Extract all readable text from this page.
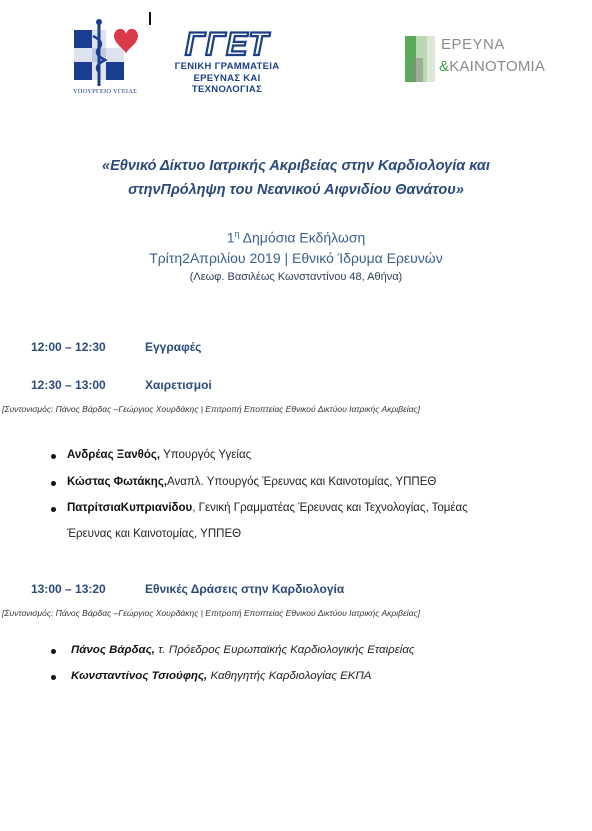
ΥΠΟΥΡΓΕΙΟ ΥΓΕΙΑΣ
ΓΓΕΤ
ΓΕΝΙΚΗ ΓΡΑΜΜΑΤΕΙΑ
ΕΡΕΥΝΑΣ ΚΑΙ ΤΕΧΝΟΛΟΓΙΑΣ
ΕΡΕΥΝΑ
&ΚΑΙΝΟΤΟΜΙΑ
«Εθνικό Δίκτυο Ιατρικής Ακριβείας στην Καρδιολογία και
στηνΠρόληψη του Νεανικού Αιφνιδίου Θανάτου»
$1^\eta$ Δημόσια Εκδήλωση
Τρίτη2Απριλίου 2019 | Εθνικό Ίδρυμα Ερευνών
(Λεωφ. Βασιλέως Κωνσταντίνου 48, Αθήνα)
12:00 – 12:30	Εγγραφές
12:30 – 13:00	Χαιρετισμοί
[Συντονισμός: Πάνος Βάρδας –Γεώργιος Χουρδάκης | Επιτροπή Εποπτείας Εθνικού Δικτύου Ιατρικής Ακριβείας]
Ανδρέας Ξανθός, Υπουργός Υγείας
Κώστας Φωτάκης,Αναπλ. Υπουργός Έρευνας και Καινοτομίας, ΥΠΠΕΘ
ΠατρίτσιαΚυπριανίδου, Γενική Γραμματέας Έρευνας και Τεχνολογίας, Τομέας
Έρευνας και Καινοτομίας, ΥΠΠΕΘ
13:00 – 13:20	Εθνικές Δράσεις στην Καρδιολογία
[Συντονισμός: Πάνος Βάρδας –Γεώργιος Χουρδάκης | Επιτροπή Εποπτείας Εθνικού Δικτύου Ιατρικής Ακριβείας]
Πάνος Βάρδας, τ. Πρόεδρος Ευρωπαϊκής Καρδιολογικής Εταιρείας
Κωνσταντίνος Τσιούφης, Καθηγητής Καρδιολογίας ΕΚΠΑ
